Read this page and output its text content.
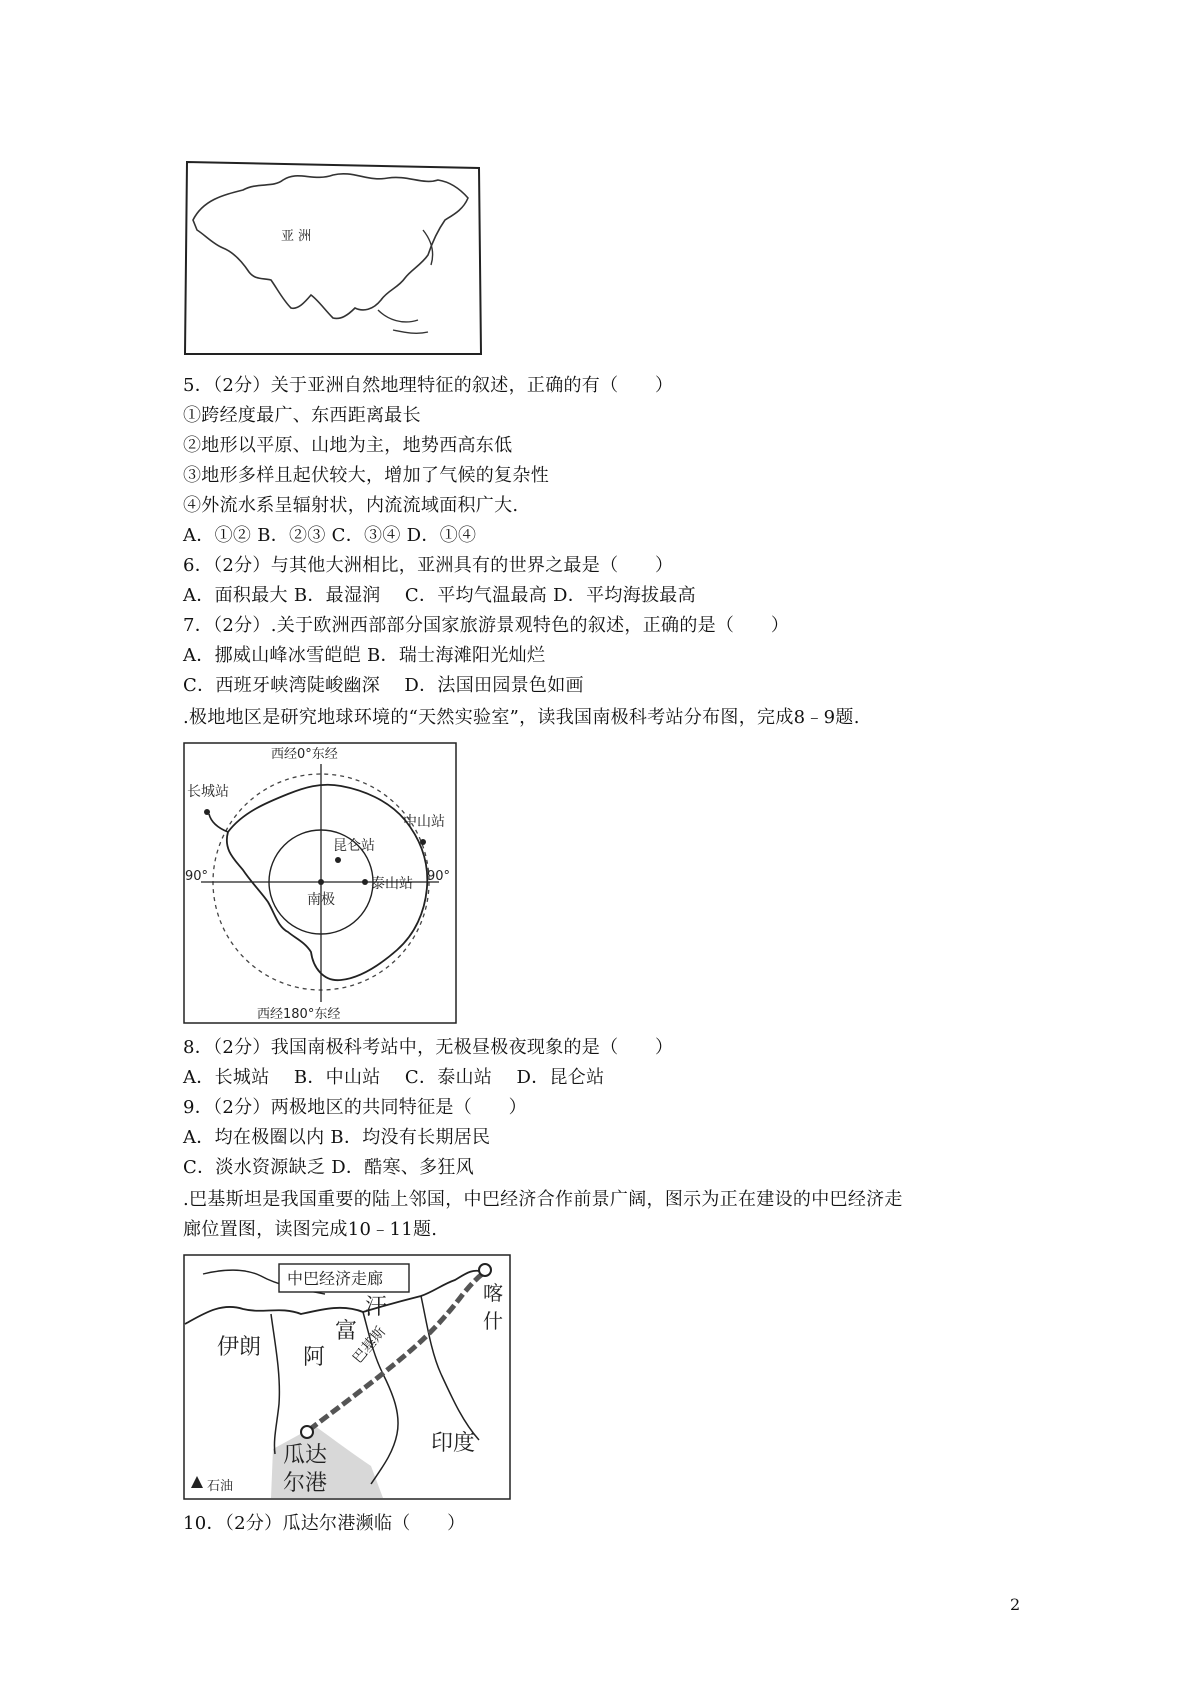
亚 洲
5．（2分）关于亚洲自然地理特征的叙述，正确的有（　　）
①跨经度最广、东西距离最长
②地形以平原、山地为主，地势西高东低
③地形多样且起伏较大，增加了气候的复杂性
④外流水系呈辐射状，内流流域面积广大.
A．①② B．②③ C．③④ D．①④
6．（2分）与其他大洲相比，亚洲具有的世界之最是（　　）
A．面积最大 B．最湿润　 C．平均气温最高 D．平均海拔最高
7．（2分）.关于欧洲西部部分国家旅游景观特色的叙述，正确的是（　　）
A．挪威山峰冰雪皑皑 B．瑞士海滩阳光灿烂
C．西班牙峡湾陡峻幽深　 D．法国田园景色如画
.极地地区是研究地球环境的“天然实验室”，读我国南极科考站分布图，完成8﹣9题.
西经0°东经
西经180°东经
90°	90°
长城站
中山站
昆仑站
泰山站
南极
8．（2分）我国南极科考站中，无极昼极夜现象的是（　　）
A．长城站　 B．中山站　 C．泰山站　 D．昆仑站
9．（2分）两极地区的共同特征是（　　）
A．均在极圈以内 B．均没有长期居民
C．淡水资源缺乏 D．酷寒、多狂风
.巴基斯坦是我国重要的陆上邻国，中巴经济合作前景广阔，图示为正在建设的中巴经济走
廊位置图，读图完成10﹣11题.
中巴经济走廊
伊朗 阿
富
汗
喀
什
巴基斯
瓜达
尔港
印度
石油
10．（2分）瓜达尔港濒临（　　）
2
